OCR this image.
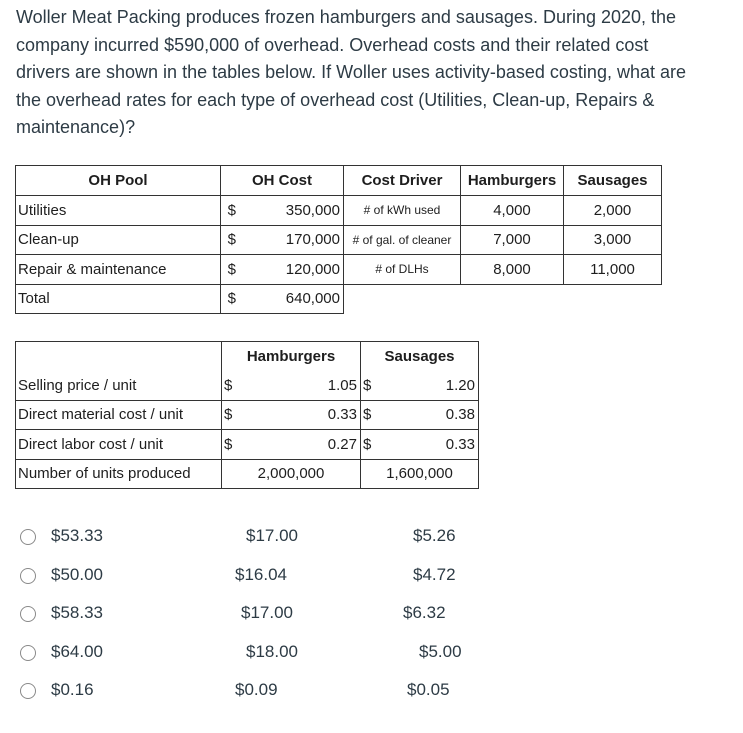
Woller Meat Packing produces frozen hamburgers and sausages. During 2020, the

company incurred $590,000 of overhead. Overhead costs and their related cost

drivers are shown in the tables below. If Woller uses activity-based costing, what are

the overhead rates for each type of overhead cost (Utilities, Clean-up, Repairs &

maintenance)?

OH Pool	OH Cost		Cost Driver	Hamburgers	Sausages
Utilities	$	350,000	# of kWh used	4,000	2,000
Clean-up	$	170,000	# of gal. of cleaner	7,000	3,000
Repair & maintenance	$	120,000	# of DLHs	8,000	11,000
Total	$	640,000			
	Hamburgers		Sausages	
Selling price / unit	$	1.05	$	1.20
Direct material cost / unit	$	0.33	$	0.38
Direct labor cost / unit	$	0.27	$	0.33
Number of units produced	2,000,000		1,600,000	
$53.33	$17.00	$5.26
$50.00	$16.04	$4.72
$58.33	$17.00	$6.32
$64.00	$18.00	$5.00
$0.16	$0.09	$0.05
